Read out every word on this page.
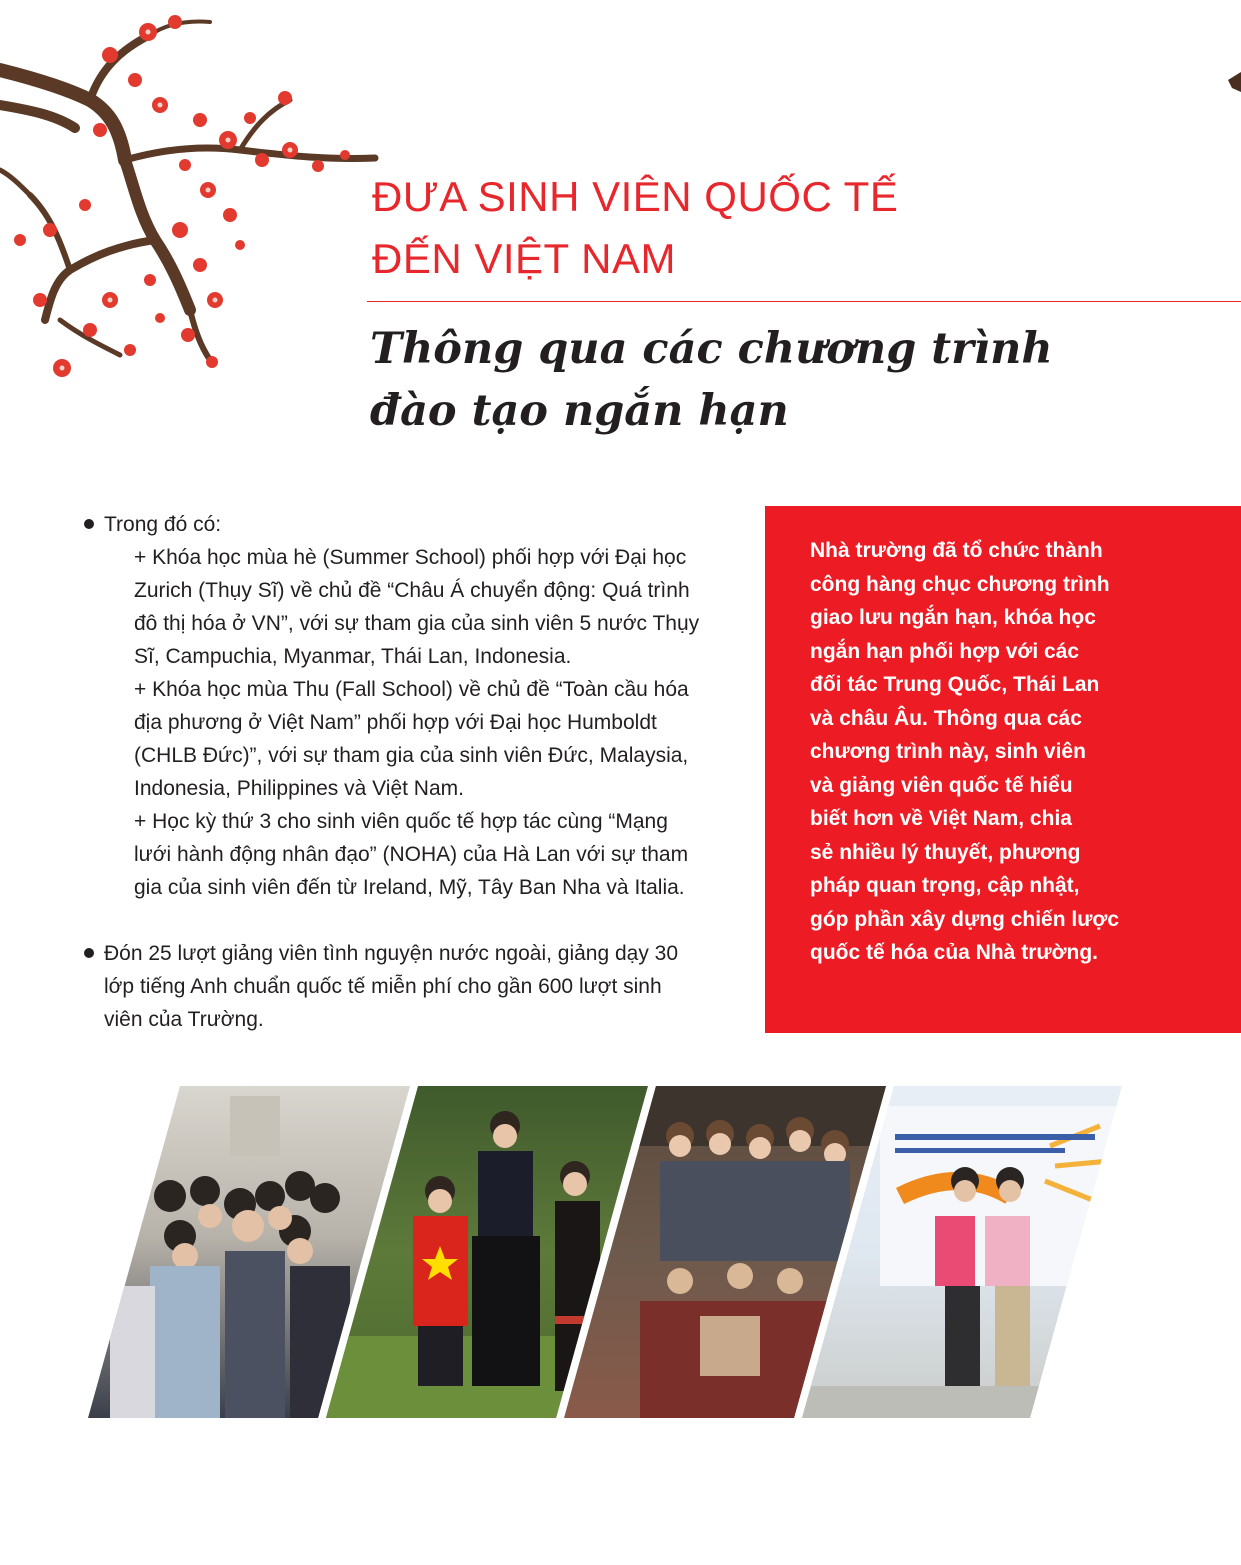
ĐƯA SINH VIÊN QUỐC TẾ
ĐẾN VIỆT NAM
Thông qua các chương trình
đào tạo ngắn hạn
Trong đó có:
+ Khóa học mùa hè (Summer School) phối hợp với Đại học
Zurich (Thụy Sĩ) về chủ đề “Châu Á chuyển động: Quá trình
đô thị hóa ở VN”, với sự tham gia của sinh viên 5 nước Thụy
Sĩ, Campuchia, Myanmar, Thái Lan, Indonesia.
+ Khóa học mùa Thu (Fall School) về chủ đề “Toàn cầu hóa
địa phương ở Việt Nam” phối hợp với Đại học Humboldt
(CHLB Đức)”, với sự tham gia của sinh viên Đức, Malaysia,
Indonesia, Philippines và Việt Nam.
+ Học kỳ thứ 3 cho sinh viên quốc tế hợp tác cùng “Mạng
lưới hành động nhân đạo” (NOHA) của Hà Lan với sự tham
gia của sinh viên đến từ Ireland, Mỹ, Tây Ban Nha và Italia.
Đón 25 lượt giảng viên tình nguyện nước ngoài, giảng dạy 30
lớp tiếng Anh chuẩn quốc tế miễn phí cho gần 600 lượt sinh
viên của Trường.

Nhà trường đã tổ chức thành
công hàng chục chương trình
giao lưu ngắn hạn, khóa học
ngắn hạn phối hợp với các
đối tác Trung Quốc, Thái Lan
và châu Âu. Thông qua các
chương trình này, sinh viên
và giảng viên quốc tế hiểu
biết hơn về Việt Nam, chia
sẻ nhiều lý thuyết, phương
pháp quan trọng, cập nhật,
góp phần xây dựng chiến lược
quốc tế hóa của Nhà trường.
